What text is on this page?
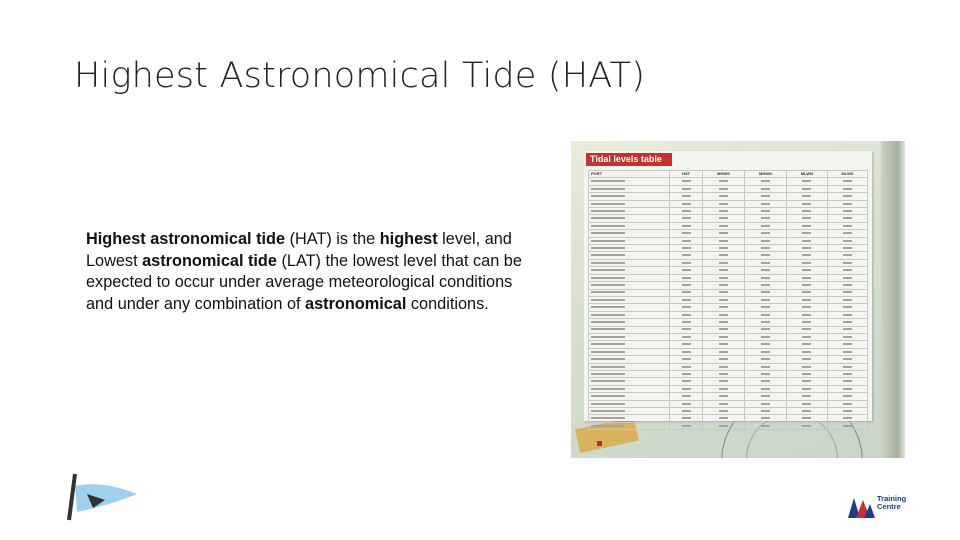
Highest Astronomical Tide (HAT)
Highest astronomical tide (HAT) is the highest level, and Lowest astronomical tide (LAT) the lowest level that can be expected to occur under average meteorological conditions and under any combination of astronomical conditions.
Tidal levels table
PORT	HAT	MHWS	MHWN	MLWN	MLWS

Training
Centre
